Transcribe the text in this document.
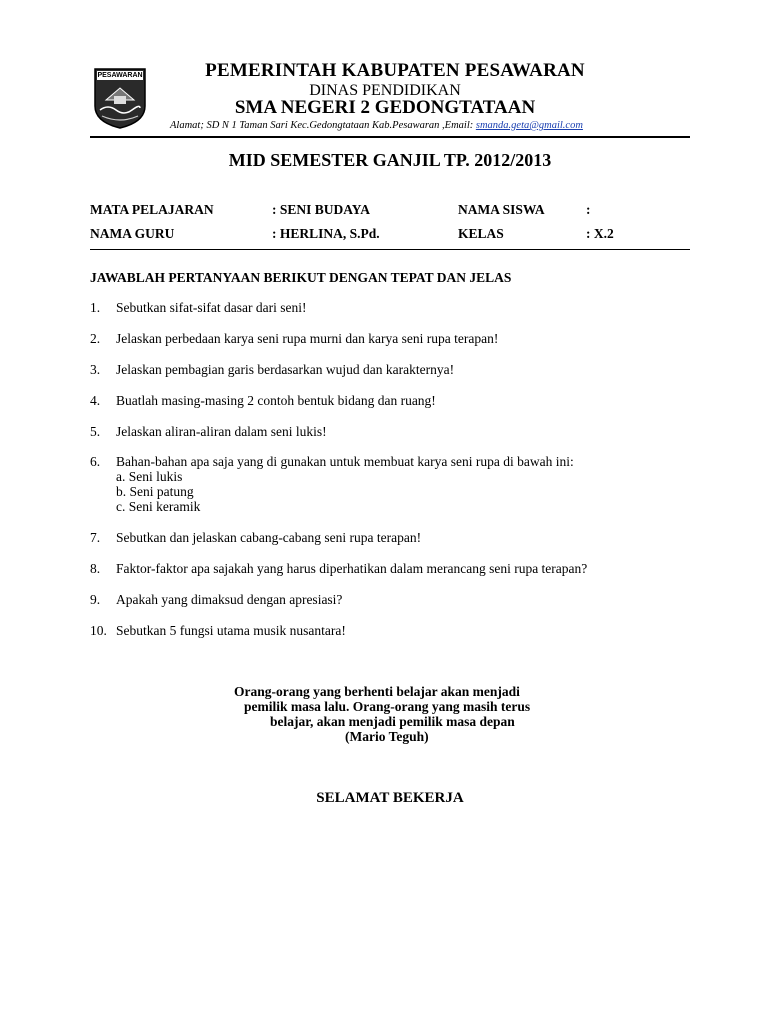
PESAWARAN	PEMERINTAH KABUPATEN PESAWARAN
DINAS PENDIDIKAN
SMA NEGERI 2 GEDONGTATAAN
Alamat; SD N 1 Taman Sari Kec.Gedongtataan Kab.Pesawaran ,Email: smanda.geta@gmail.com
MID SEMESTER GANJIL TP. 2012/2013
MATA PELAJARAN	: SENI BUDAYA	NAMA SISWA	:
NAMA GURU	: HERLINA, S.Pd.	KELAS	: X.2
JAWABLAH PERTANYAAN BERIKUT DENGAN TEPAT DAN JELAS
1. Sebutkan sifat-sifat dasar dari seni!
2. Jelaskan perbedaan karya seni rupa murni dan karya seni rupa terapan!
3. Jelaskan pembagian garis berdasarkan wujud dan karakternya!
4. Buatlah masing-masing 2 contoh bentuk bidang dan ruang!
5. Jelaskan aliran-aliran dalam seni lukis!
6. Bahan-bahan apa saja yang di gunakan untuk membuat karya seni rupa di bawah ini:
a. Seni lukis
b. Seni patung
c. Seni keramik
7. Sebutkan dan jelaskan cabang-cabang seni rupa terapan!
8. Faktor-faktor apa sajakah yang harus diperhatikan dalam merancang seni rupa terapan?
9. Apakah yang dimaksud dengan apresiasi?
10. Sebutkan 5 fungsi utama musik nusantara!
Orang-orang yang berhenti belajar akan menjadi
pemilik masa lalu. Orang-orang yang masih terus
belajar, akan menjadi pemilik masa depan
(Mario Teguh)
SELAMAT BEKERJA
